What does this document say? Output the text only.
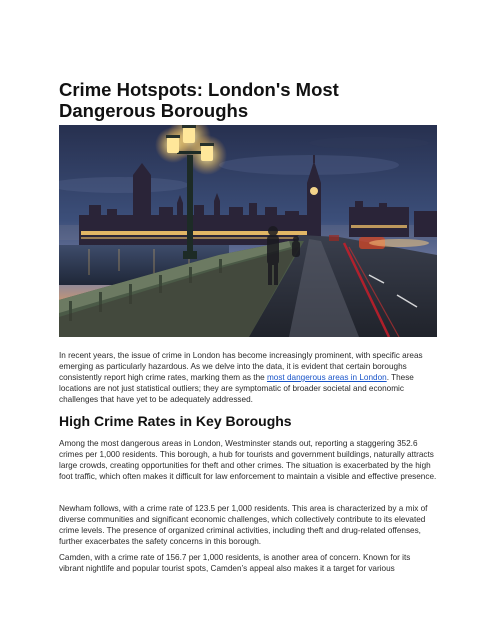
Crime Hotspots: London's Most Dangerous Boroughs

In recent years, the issue of crime in London has become increasingly prominent, with specific areas emerging as particularly hazardous. As we delve into the data, it is evident that certain boroughs consistently report high crime rates, marking them as the most dangerous areas in London. These locations are not just statistical outliers; they are symptomatic of broader societal and economic challenges that have yet to be adequately addressed.

High Crime Rates in Key Boroughs

Among the most dangerous areas in London, Westminster stands out, reporting a staggering 352.6 crimes per 1,000 residents. This borough, a hub for tourists and government buildings, naturally attracts large crowds, creating opportunities for theft and other crimes. The situation is exacerbated by the high foot traffic, which often makes it difficult for law enforcement to maintain a visible and effective presence.

Newham follows, with a crime rate of 123.5 per 1,000 residents. This area is characterized by a mix of diverse communities and significant economic challenges, which collectively contribute to its elevated crime levels. The presence of organized criminal activities, including theft and drug-related offenses, further exacerbates the safety concerns in this borough.

Camden, with a crime rate of 156.7 per 1,000 residents, is another area of concern. Known for its vibrant nightlife and popular tourist spots, Camden’s appeal also makes it a target for various
